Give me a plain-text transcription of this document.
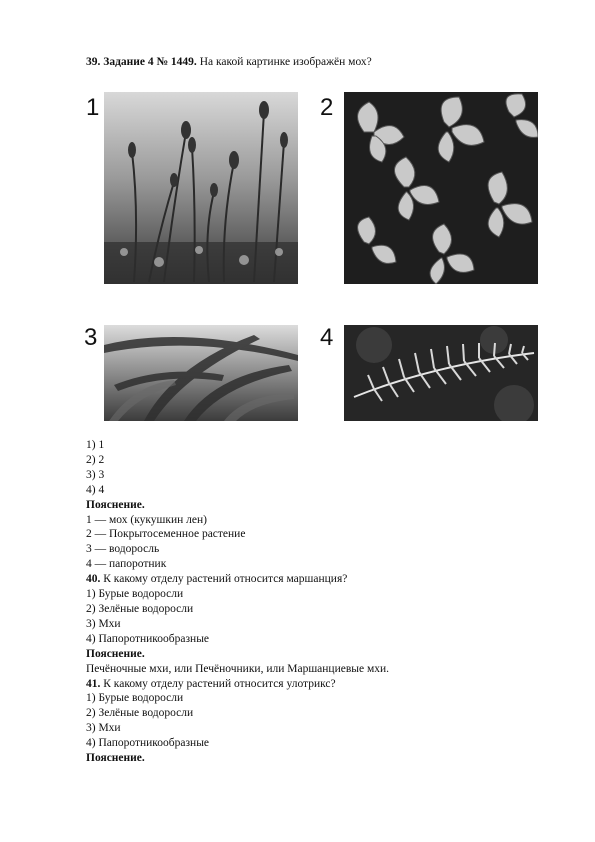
39. Задание 4 № 1449. На какой картинке изображён мох?
1	2
3	4
1) 1
2) 2
3) 3
4) 4
Пояснение.
1 — мох (кукушкин лен)
2 — Покрытосеменное растение
3 — водоросль
4 — папоротник
40. К какому отделу растений относится маршанция?
1) Бурые водоросли
2) Зелёные водоросли
3) Мхи
4) Папоротникообразные
Пояснение.
Печёночные мхи, или Печёночники, или Маршанциевые мхи.
41. К какому отделу растений относится улотрикс?
1) Бурые водоросли
2) Зелёные водоросли
3) Мхи
4) Папоротникообразные
Пояснение.
